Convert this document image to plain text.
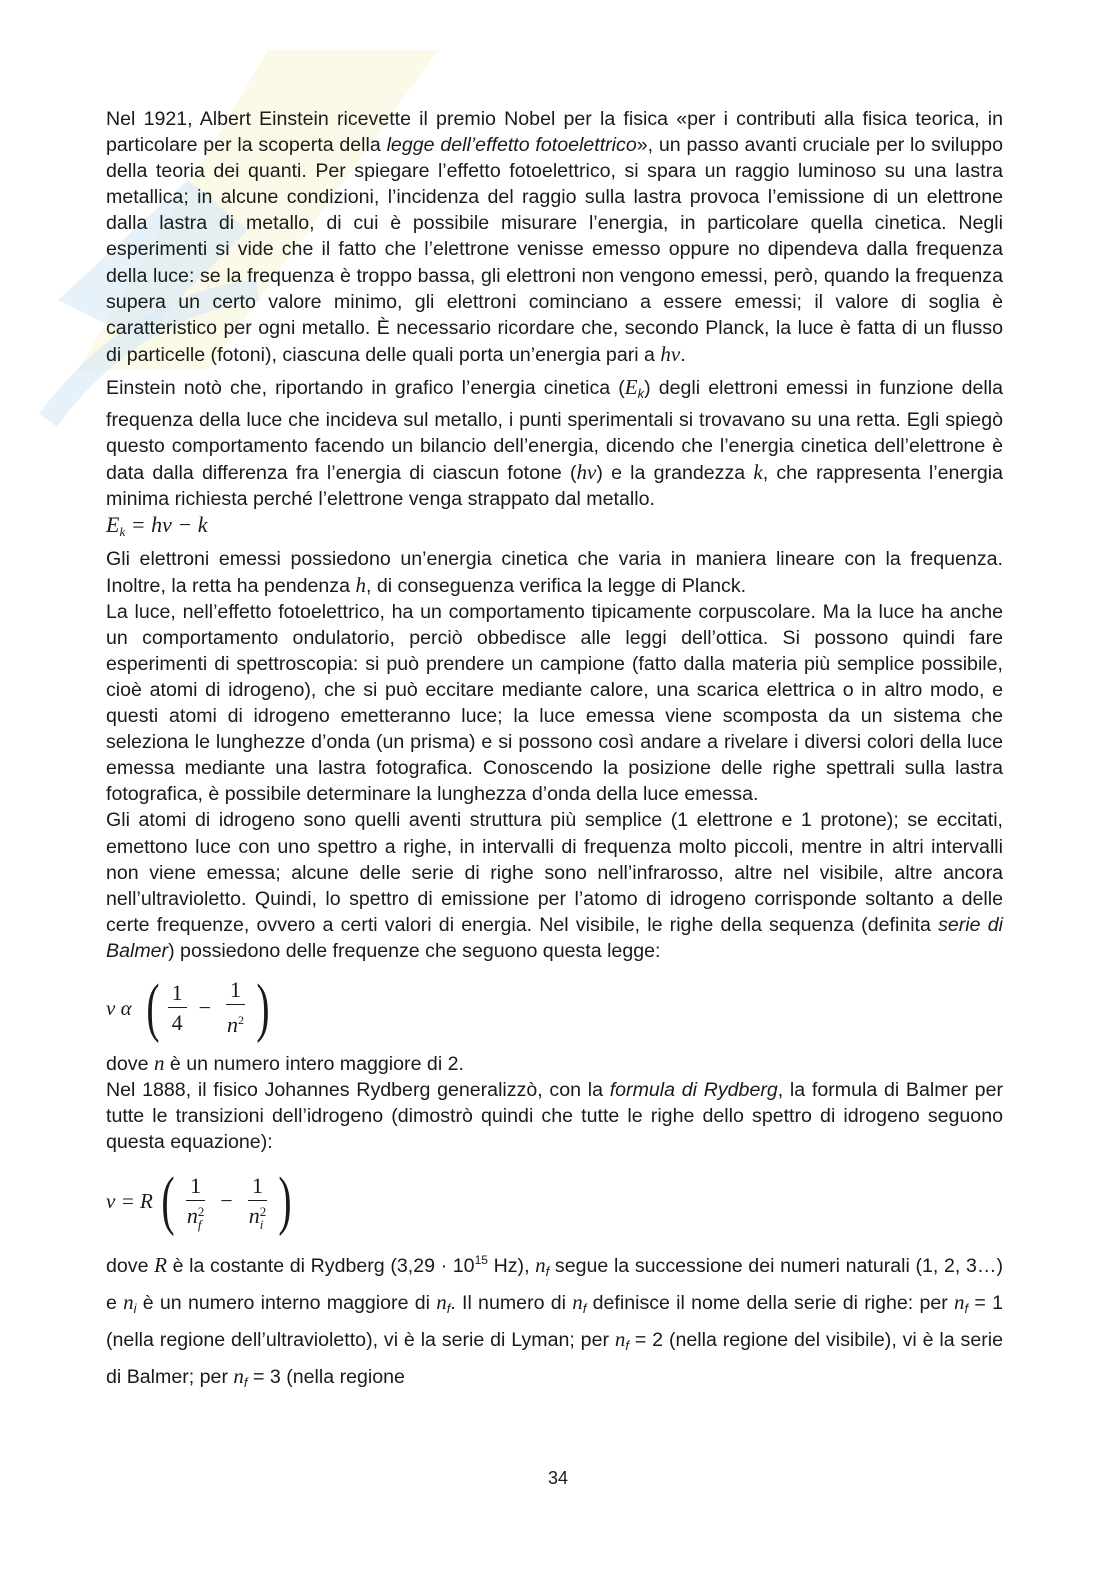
Nel 1921, Albert Einstein ricevette il premio Nobel per la fisica «per i contributi alla fisica teorica, in particolare per la scoperta della legge dell’effetto fotoelettrico», un passo avanti cruciale per lo sviluppo della teoria dei quanti. Per spiegare l’effetto fotoelettrico, si spara un raggio luminoso su una lastra metallica; in alcune condizioni, l’incidenza del raggio sulla lastra provoca l’emissione di un elettrone dalla lastra di metallo, di cui è possibile misurare l’energia, in particolare quella cinetica. Negli esperimenti si vide che il fatto che l’elettrone venisse emesso oppure no dipendeva dalla frequenza della luce: se la frequenza è troppo bassa, gli elettroni non vengono emessi, però, quando la frequenza supera un certo valore minimo, gli elettroni cominciano a essere emessi; il valore di soglia è caratteristico per ogni metallo. È necessario ricordare che, secondo Planck, la luce è fatta di un flusso di particelle (fotoni), ciascuna delle quali porta un’energia pari a hν.

Einstein notò che, riportando in grafico l’energia cinetica $(E_k)$ degli elettroni emessi in funzione della frequenza della luce che incideva sul metallo, i punti sperimentali si trovavano su una retta. Egli spiegò questo comportamento facendo un bilancio dell’energia, dicendo che l’energia cinetica dell’elettrone è data dalla differenza fra l’energia di ciascun fotone (hν) e la grandezza k, che rappresenta l’energia minima richiesta perché l’elettrone venga strappato dal metallo.

$E_k = h\nu - k$

Gli elettroni emessi possiedono un’energia cinetica che varia in maniera lineare con la frequenza. Inoltre, la retta ha pendenza h, di conseguenza verifica la legge di Planck.

La luce, nell’effetto fotoelettrico, ha un comportamento tipicamente corpuscolare. Ma la luce ha anche un comportamento ondulatorio, perciò obbedisce alle leggi dell’ottica. Si possono quindi fare esperimenti di spettroscopia: si può prendere un campione (fatto dalla materia più semplice possibile, cioè atomi di idrogeno), che si può eccitare mediante calore, una scarica elettrica o in altro modo, e questi atomi di idrogeno emetteranno luce; la luce emessa viene scomposta da un sistema che seleziona le lunghezze d’onda (un prisma) e si possono così andare a rivelare i diversi colori della luce emessa mediante una lastra fotografica. Conoscendo la posizione delle righe spettrali sulla lastra fotografica, è possibile determinare la lunghezza d’onda della luce emessa.

Gli atomi di idrogeno sono quelli aventi struttura più semplice (1 elettrone e 1 protone); se eccitati, emettono luce con uno spettro a righe, in intervalli di frequenza molto piccoli, mentre in altri intervalli non viene emessa; alcune delle serie di righe sono nell’infrarosso, altre nel visibile, altre ancora nell’ultravioletto. Quindi, lo spettro di emissione per l’atomo di idrogeno corrisponde soltanto a delle certe frequenze, ovvero a certi valori di energia. Nel visibile, le righe della sequenza (definita serie di Balmer) possiedono delle frequenze che seguono questa legge:

ν α ( $\frac{1}{4} - \frac{1}{n^2}$ )

dove n è un numero intero maggiore di 2.

Nel 1888, il fisico Johannes Rydberg generalizzò, con la formula di Rydberg, la formula di Balmer per tutte le transizioni dell’idrogeno (dimostrò quindi che tutte le righe dello spettro di idrogeno seguono questa equazione):

ν = R ( 1
n 2
f − 1
n 2
i )

dove R è la costante di Rydberg ($3,29 \cdot 10^{15}$ Hz), $n_f$ segue la successione dei numeri naturali (1, 2, 3…) e $n_i$ è un numero interno maggiore di $n_f$. Il numero di $n_f$ definisce il nome della serie di righe: per $n_f = 1$ (nella regione dell’ultravioletto), vi è la serie di Lyman; per $n_f = 2$ (nella regione del visibile), vi è la serie di Balmer; per $n_f = 3$ (nella regione

34
